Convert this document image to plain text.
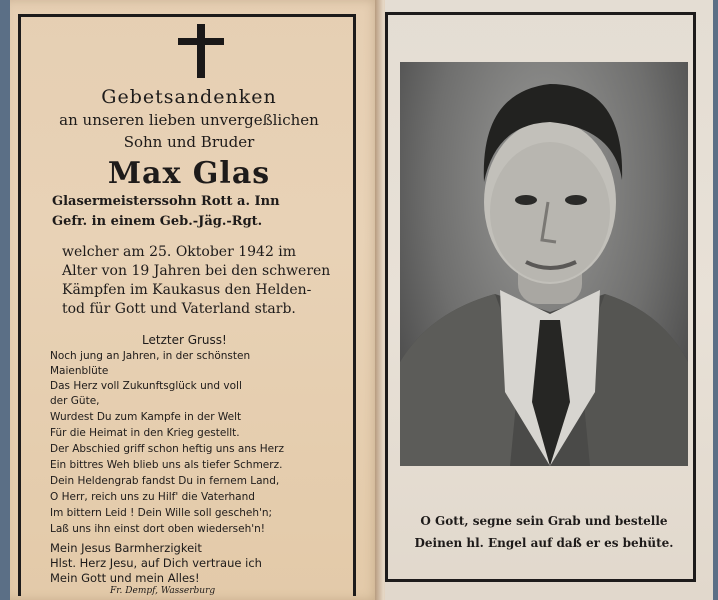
Gebetsandenken
an unseren lieben unvergeßlichen
Sohn und Bruder
Max Glas
Glasermeisterssohn Rott a. Inn
Gefr. in einem Geb.-Jäg.-Rgt.
welcher am 25. Oktober 1942 im
Alter von 19 Jahren bei den schweren
Kämpfen im Kaukasus den Helden-
tod für Gott und Vaterland starb.
Letzter Gruss!
Noch jung an Jahren, in der schönsten
Maienblüte
Das Herz voll Zukunftsglück und voll
der Güte,
Wurdest Du zum Kampfe in der Welt
Für die Heimat in den Krieg gestellt.
Der Abschied griff schon heftig uns ans Herz
Ein bittres Weh blieb uns als tiefer Schmerz.
Dein Heldengrab fandst Du in fernem Land,
O Herr, reich uns zu Hilf' die Vaterhand
Im bittern Leid ! Dein Wille soll gescheh'n;
Laß uns ihn einst dort oben wiederseh'n!
Mein Jesus Barmherzigkeit
Hlst. Herz Jesu, auf Dich vertraue ich
Mein Gott und mein Alles!
Fr. Dempf, Wasserburg
O Gott, segne sein Grab und bestelle
Deinen hl. Engel auf daß er es behüte.
